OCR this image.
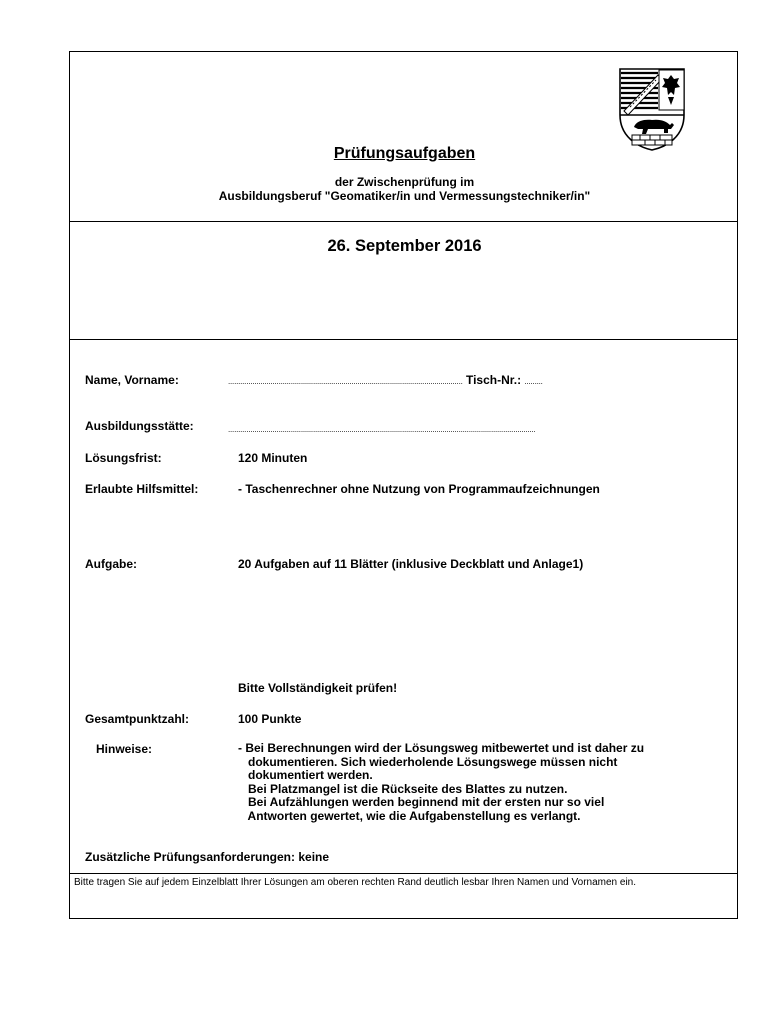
Prüfungsaufgaben
der Zwischenprüfung im
Ausbildungsberuf "Geomatiker/in und Vermessungstechniker/in"
26. September 2016
Name, Vorname:	.................................................................................................................... Tisch-Nr.: .........
Ausbildungsstätte:	........................................................................................................................................................
Lösungsfrist:	120 Minuten
Erlaubte Hilfsmittel:	- Taschenrechner ohne Nutzung von Programmaufzeichnungen
Aufgabe:	20 Aufgaben auf 11 Blätter (inklusive Deckblatt und Anlage1)
Bitte Vollständigkeit prüfen!
Gesamtpunktzahl:	100 Punkte
Hinweise:	- Bei Berechnungen wird der Lösungsweg mitbewertet und ist daher zu
dokumentieren. Sich wiederholende Lösungswege müssen nicht
dokumentiert werden.
Bei Platzmangel ist die Rückseite des Blattes zu nutzen.
Bei Aufzählungen werden beginnend mit der ersten nur so viel
Antworten gewertet, wie die Aufgabenstellung es verlangt.
Zusätzliche Prüfungsanforderungen: keine
Bitte tragen Sie auf jedem Einzelblatt Ihrer Lösungen am oberen rechten Rand deutlich lesbar Ihren Namen und Vornamen ein.
